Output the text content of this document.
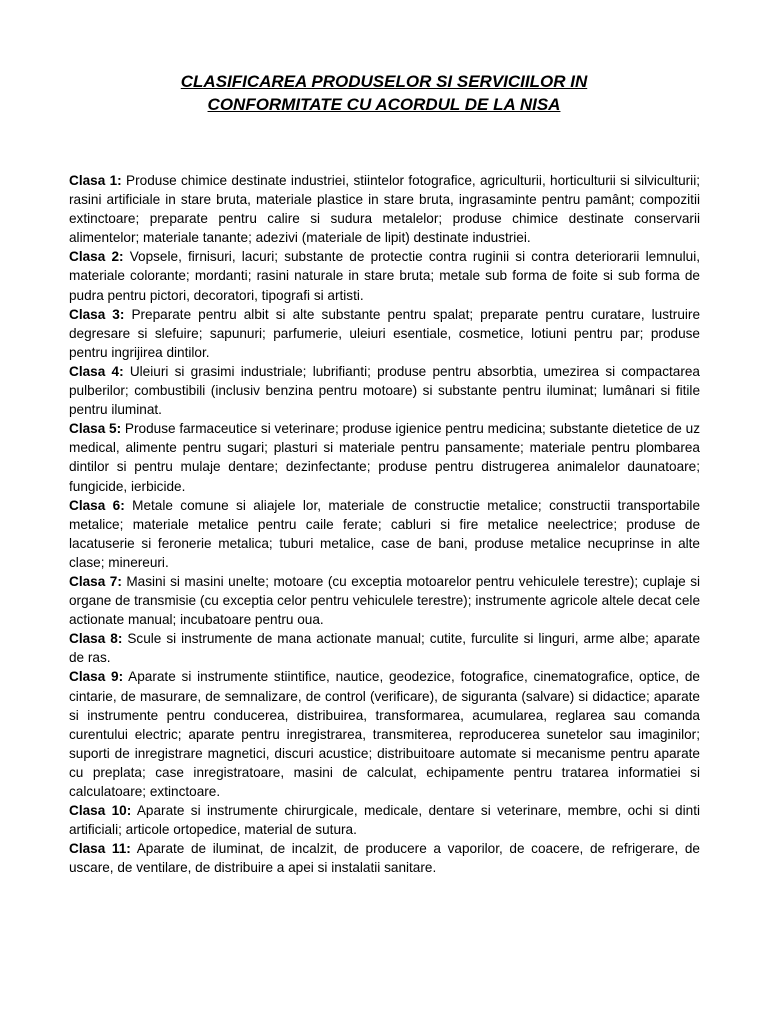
CLASIFICAREA PRODUSELOR SI SERVICIILOR IN
CONFORMITATE CU ACORDUL DE LA NISA

Clasa 1: Produse chimice destinate industriei, stiintelor fotografice, agriculturii, horticulturii si silviculturii; rasini artificiale in stare bruta, materiale plastice in stare bruta, ingrasaminte pentru pamânt; compozitii extinctoare; preparate pentru calire si sudura metalelor; produse chimice destinate conservarii alimentelor; materiale tanante; adezivi (materiale de lipit) destinate industriei.

Clasa 2: Vopsele, firnisuri, lacuri; substante de protectie contra ruginii si contra deteriorarii lemnului, materiale colorante; mordanti; rasini naturale in stare bruta; metale sub forma de foite si sub forma de pudra pentru pictori, decoratori, tipografi si artisti.

Clasa 3: Preparate pentru albit si alte substante pentru spalat; preparate pentru curatare, lustruire degresare si slefuire; sapunuri; parfumerie, uleiuri esentiale, cosmetice, lotiuni pentru par; produse pentru ingrijirea dintilor.

Clasa 4: Uleiuri si grasimi industriale; lubrifianti; produse pentru absorbtia, umezirea si compactarea pulberilor; combustibili (inclusiv benzina pentru motoare) si substante pentru iluminat; lumânari si fitile pentru iluminat.

Clasa 5: Produse farmaceutice si veterinare; produse igienice pentru medicina; substante dietetice de uz medical, alimente pentru sugari; plasturi si materiale pentru pansamente; materiale pentru plombarea dintilor si pentru mulaje dentare; dezinfectante; produse pentru distrugerea animalelor daunatoare; fungicide, ierbicide.

Clasa 6: Metale comune si aliajele lor, materiale de constructie metalice; constructii transportabile metalice; materiale metalice pentru caile ferate; cabluri si fire metalice neelectrice; produse de lacatuserie si feronerie metalica; tuburi metalice, case de bani, produse metalice necuprinse in alte clase; minereuri.

Clasa 7: Masini si masini unelte; motoare (cu exceptia motoarelor pentru vehiculele terestre); cuplaje si organe de transmisie (cu exceptia celor pentru vehiculele terestre); instrumente agricole altele decat cele actionate manual; incubatoare pentru oua.

Clasa 8: Scule si instrumente de mana actionate manual; cutite, furculite si linguri, arme albe; aparate de ras.

Clasa 9: Aparate si instrumente stiintifice, nautice, geodezice, fotografice, cinematografice, optice, de cintarie, de masurare, de semnalizare, de control (verificare), de siguranta (salvare) si didactice; aparate si instrumente pentru conducerea, distribuirea, transformarea, acumularea, reglarea sau comanda curentului electric; aparate pentru inregistrarea, transmiterea, reproducerea sunetelor sau imaginilor; suporti de inregistrare magnetici, discuri acustice; distribuitoare automate si mecanisme pentru aparate cu preplata; case inregistratoare, masini de calculat, echipamente pentru tratarea informatiei si calculatoare; extinctoare.

Clasa 10: Aparate si instrumente chirurgicale, medicale, dentare si veterinare, membre, ochi si dinti artificiali; articole ortopedice, material de sutura.

Clasa 11: Aparate de iluminat, de incalzit, de producere a vaporilor, de coacere, de refrigerare, de uscare, de ventilare, de distribuire a apei si instalatii sanitare.
